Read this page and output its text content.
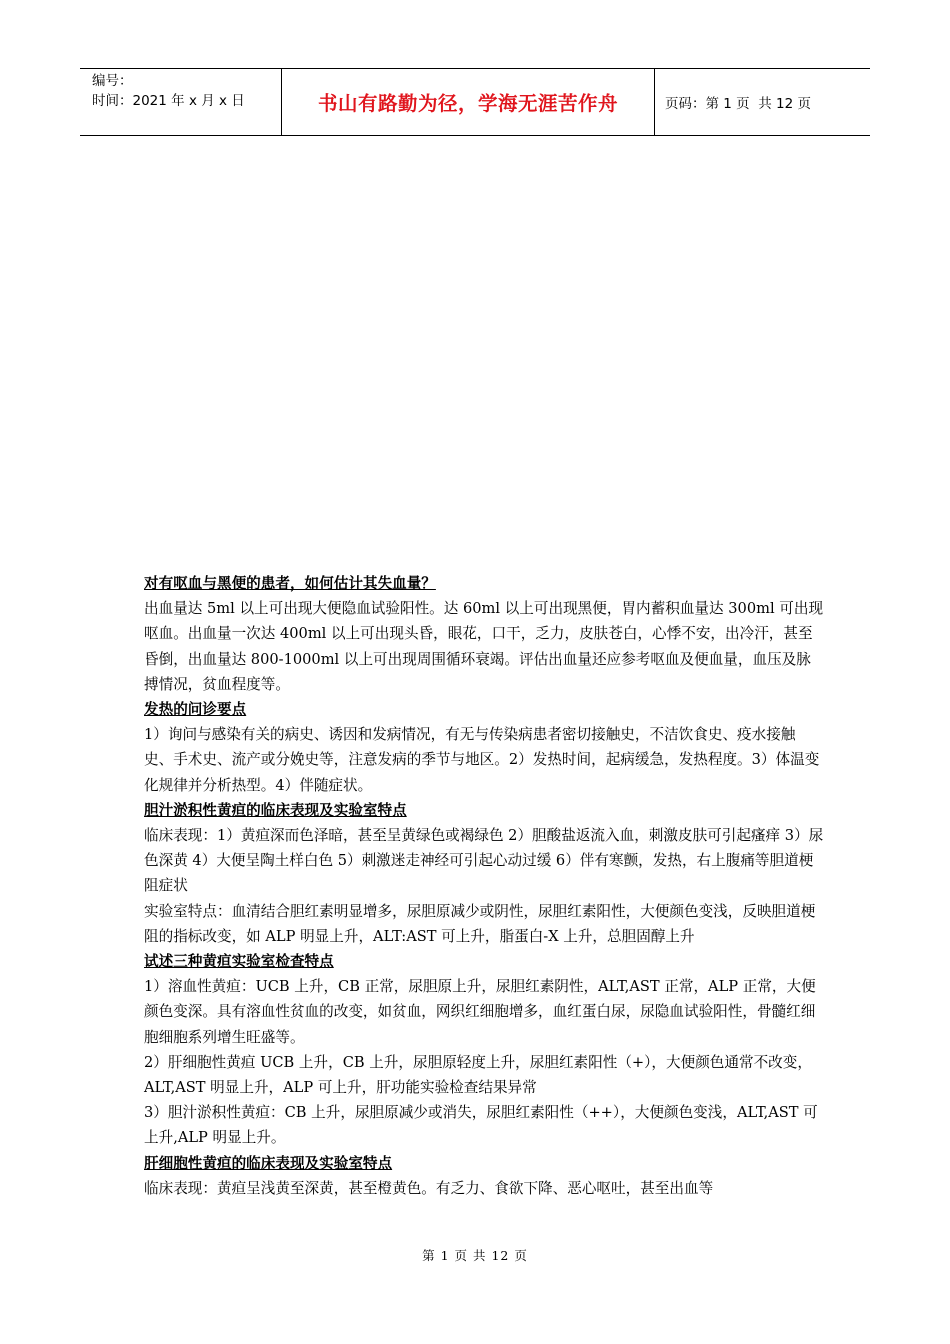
编号：
时间：2021 年 x 月 x 日	书山有路勤为径，学海无涯苦作舟	页码：第 1 页  共 12 页

对有呕血与黑便的患者，如何估计其失血量？

出血量达 5ml 以上可出现大便隐血试验阳性。达 60ml 以上可出现黑便，胃内蓄积血量达 300ml 可出现呕血。出血量一次达 400ml 以上可出现头昏，眼花，口干，乏力，皮肤苍白，心悸不安，出冷汗，甚至昏倒，出血量达 800-1000ml 以上可出现周围循环衰竭。评估出血量还应参考呕血及便血量，血压及脉搏情况，贫血程度等。

发热的问诊要点

1）询问与感染有关的病史、诱因和发病情况，有无与传染病患者密切接触史，不洁饮食史、疫水接触史、手术史、流产或分娩史等，注意发病的季节与地区。2）发热时间，起病缓急，发热程度。3）体温变化规律并分析热型。4）伴随症状。

胆汁淤积性黄疸的临床表现及实验室特点

临床表现：1）黄疸深而色泽暗，甚至呈黄绿色或褐绿色 2）胆酸盐返流入血，刺激皮肤可引起瘙痒 3）尿色深黄 4）大便呈陶土样白色 5）刺激迷走神经可引起心动过缓 6）伴有寒颤，发热，右上腹痛等胆道梗阻症状

实验室特点：血清结合胆红素明显增多，尿胆原减少或阴性，尿胆红素阳性，大便颜色变浅，反映胆道梗阻的指标改变，如 ALP 明显上升，ALT:AST 可上升，脂蛋白-X 上升，总胆固醇上升

试述三种黄疸实验室检查特点

1）溶血性黄疸：UCB 上升，CB 正常，尿胆原上升，尿胆红素阴性，ALT,AST 正常，ALP 正常，大便颜色变深。具有溶血性贫血的改变，如贫血，网织红细胞增多，血红蛋白尿，尿隐血试验阳性，骨髓红细胞细胞系列增生旺盛等。

2）肝细胞性黄疸 UCB 上升，CB 上升，尿胆原轻度上升，尿胆红素阳性（+），大便颜色通常不改变，ALT,AST 明显上升，ALP 可上升，肝功能实验检查结果异常

3）胆汁淤积性黄疸：CB 上升，尿胆原减少或消失，尿胆红素阳性（++），大便颜色变浅，ALT,AST 可上升,ALP 明显上升。

肝细胞性黄疸的临床表现及实验室特点

临床表现：黄疸呈浅黄至深黄，甚至橙黄色。有乏力、食欲下降、恶心呕吐，甚至出血等

第 1 页 共 12 页
